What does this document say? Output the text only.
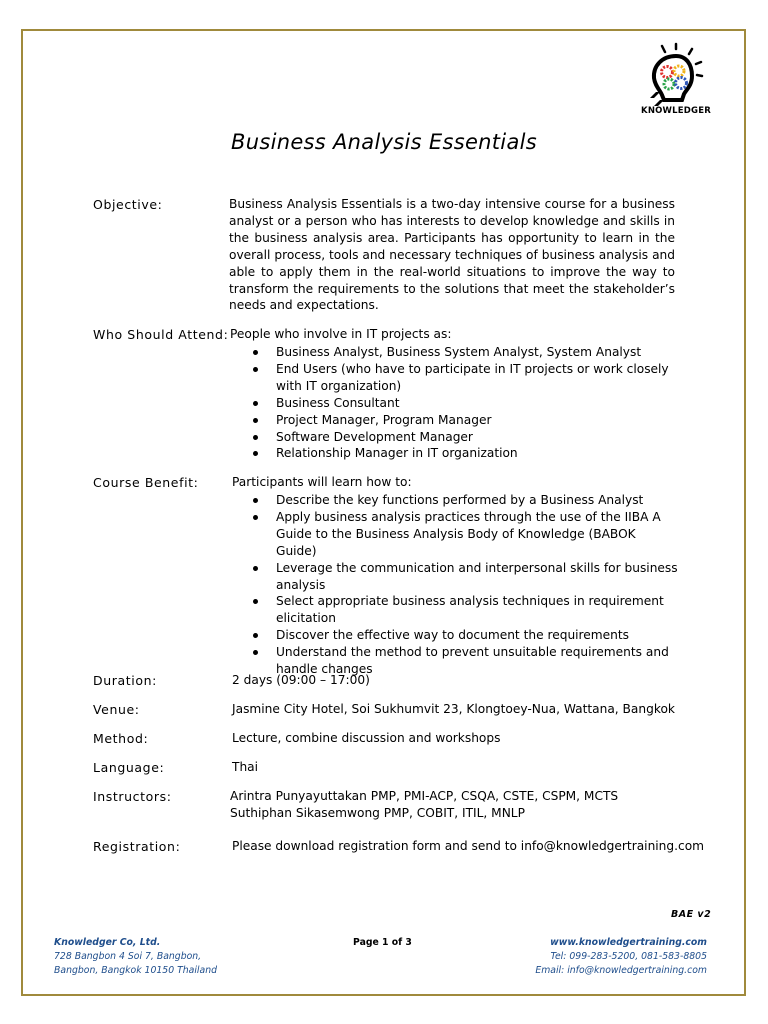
KNOWLEDGER
Business Analysis Essentials
Objective:	Business Analysis Essentials is a two-day intensive course for a business analyst or a person who has interests to develop knowledge and skills in the business analysis area. Participants has opportunity to learn in the overall process, tools and necessary techniques of business analysis and able to apply them in the real-world situations to improve the way to transform the requirements to the solutions that meet the stakeholder’s needs and expectations.
Who Should Attend: People who involve in IT projects as:
Business Analyst, Business System Analyst, System Analyst
End Users (who have to participate in IT projects or work closely with IT organization)
Business Consultant
Project Manager, Program Manager
Software Development Manager
Relationship Manager in IT organization
Course Benefit:	Participants will learn how to:
Describe the key functions performed by a Business Analyst
Apply business analysis practices through the use of the IIBA A Guide to the Business Analysis Body of Knowledge (BABOK Guide)
Leverage the communication and interpersonal skills for business analysis
Select appropriate business analysis techniques in requirement elicitation
Discover the effective way to document the requirements
Understand the method to prevent unsuitable requirements and handle changes
Duration:	2 days (09:00 – 17:00)
Venue:	Jasmine City Hotel, Soi Sukhumvit 23, Klongtoey-Nua, Wattana, Bangkok
Method:	Lecture, combine discussion and workshops
Language:	Thai
Instructors:	Arintra Punyayuttakan PMP, PMI-ACP, CSQA, CSTE, CSPM, MCTS
Suthiphan Sikasemwong PMP, COBIT, ITIL, MNLP
Registration:	Please download registration form and send to info@knowledgertraining.com
BAE v2
Knowledger Co, Ltd.
728 Bangbon 4 Soi 7, Bangbon,
Bangbon, Bangkok 10150 Thailand
Page 1 of 3	www.knowledgertraining.com
Tel: 099-283-5200, 081-583-8805
Email: info@knowledgertraining.com
